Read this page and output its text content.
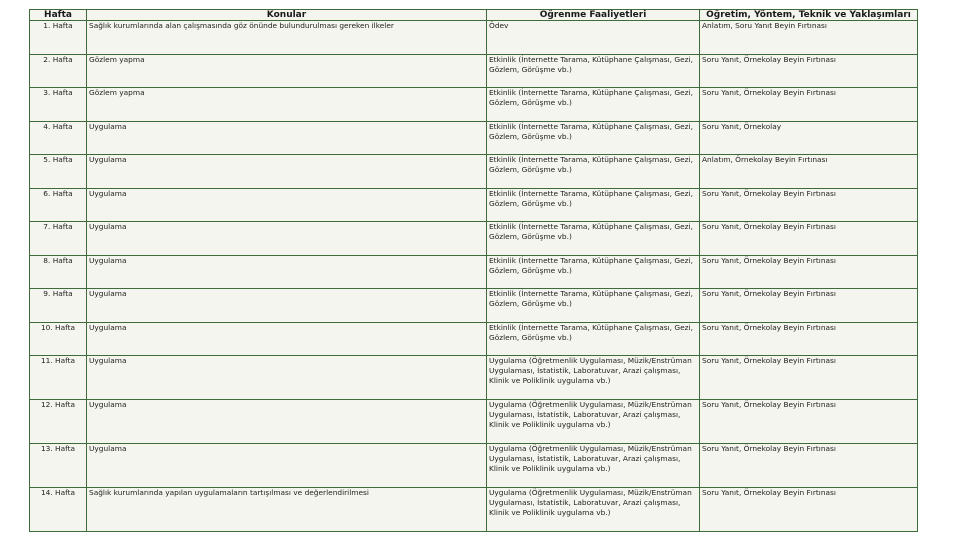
Hafta	Konular	Öğrenme Faaliyetleri	Öğretim, Yöntem, Teknik ve Yaklaşımları
1. Hafta	Sağlık kurumlarında alan çalışmasında göz önünde bulundurulması gereken ilkeler	Ödev	Anlatım, Soru Yanıt Beyin Fırtınası
2. Hafta	Gözlem yapma	Etkinlik (İnternette Tarama, Kütüphane Çalışması, Gezi, Gözlem, Görüşme vb.)	Soru Yanıt, Örnekolay Beyin Fırtınası
3. Hafta	Gözlem yapma	Etkinlik (İnternette Tarama, Kütüphane Çalışması, Gezi, Gözlem, Görüşme vb.)	Soru Yanıt, Örnekolay Beyin Fırtınası
4. Hafta	Uygulama	Etkinlik (İnternette Tarama, Kütüphane Çalışması, Gezi, Gözlem, Görüşme vb.)	Soru Yanıt, Örnekolay
5. Hafta	Uygulama	Etkinlik (İnternette Tarama, Kütüphane Çalışması, Gezi, Gözlem, Görüşme vb.)	Anlatım, Örnekolay Beyin Fırtınası
6. Hafta	Uygulama	Etkinlik (İnternette Tarama, Kütüphane Çalışması, Gezi, Gözlem, Görüşme vb.)	Soru Yanıt, Örnekolay Beyin Fırtınası
7. Hafta	Uygulama	Etkinlik (İnternette Tarama, Kütüphane Çalışması, Gezi, Gözlem, Görüşme vb.)	Soru Yanıt, Örnekolay Beyin Fırtınası
8. Hafta	Uygulama	Etkinlik (İnternette Tarama, Kütüphane Çalışması, Gezi, Gözlem, Görüşme vb.)	Soru Yanıt, Örnekolay Beyin Fırtınası
9. Hafta	Uygulama	Etkinlik (İnternette Tarama, Kütüphane Çalışması, Gezi, Gözlem, Görüşme vb.)	Soru Yanıt, Örnekolay Beyin Fırtınası
10. Hafta	Uygulama	Etkinlik (İnternette Tarama, Kütüphane Çalışması, Gezi, Gözlem, Görüşme vb.)	Soru Yanıt, Örnekolay Beyin Fırtınası
11. Hafta	Uygulama	Uygulama (Öğretmenlik Uygulaması, Müzik/Enstrüman Uygulaması, İstatistik, Laboratuvar, Arazi çalışması, Klinik ve Poliklinik uygulama vb.)	Soru Yanıt, Örnekolay Beyin Fırtınası
12. Hafta	Uygulama	Uygulama (Öğretmenlik Uygulaması, Müzik/Enstrüman Uygulaması, İstatistik, Laboratuvar, Arazi çalışması, Klinik ve Poliklinik uygulama vb.)	Soru Yanıt, Örnekolay Beyin Fırtınası
13. Hafta	Uygulama	Uygulama (Öğretmenlik Uygulaması, Müzik/Enstrüman Uygulaması, İstatistik, Laboratuvar, Arazi çalışması, Klinik ve Poliklinik uygulama vb.)	Soru Yanıt, Örnekolay Beyin Fırtınası
14. Hafta	Sağlık kurumlarında yapılan uygulamaların tartışılması ve değerlendirilmesi	Uygulama (Öğretmenlik Uygulaması, Müzik/Enstrüman Uygulaması, İstatistik, Laboratuvar, Arazi çalışması, Klinik ve Poliklinik uygulama vb.)	Soru Yanıt, Örnekolay Beyin Fırtınası
